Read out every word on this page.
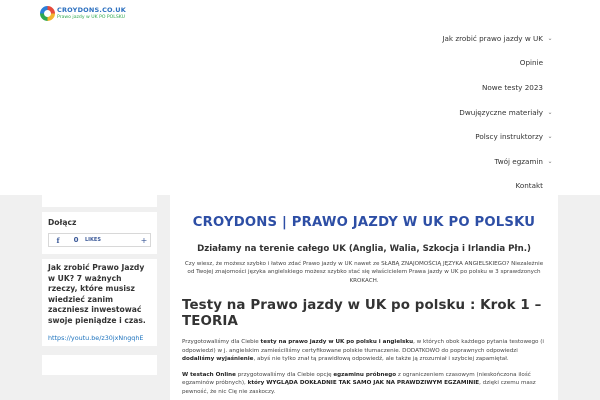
CROYDONS.CO.UK
Prawo jazdy w UK PO POLSKU
Jak zrobić prawo jazdy w UK ⌄
Opinie
Nowe testy 2023
Dwujęzyczne materiały ⌄
Polscy instruktorzy ⌄
Twój egzamin ⌄
Kontakt
Dołącz
f	0	LIKES	+
Jak zrobić Prawo Jazdy w UK? 7 ważnych rzeczy, które musisz wiedzieć zanim zaczniesz inwestować swoje pieniądze i czas.
https://youtu.be/z30jxNngqhE
CROYDONS | PRAWO JAZDY W UK PO POLSKU
Działamy na terenie całego UK (Anglia, Walia, Szkocja i Irlandia Płn.)
Czy wiesz, że możesz szybko i łatwo zdać Prawo jazdy w UK nawet ze SŁABĄ ZNAJOMOŚCIĄ JĘZYKA ANGIELSKIEGO? Niezależnie od Twojej znajomości języka angielskiego możesz szybko stać się właścicielem Prawa jazdy w UK po polsku w 3 sprawdzonych KROKACH.
Testy na Prawo jazdy w UK po polsku : Krok 1 – TEORIA
Przygotowaliśmy dla Ciebie testy na prawo jazdy w UK po polsku i angielsku, w których obok każdego pytania testowego (i odpowiedzi) w j. angielskim zamieściliśmy certyfikowane polskie tłumaczenie. DODATKOWO do poprawnych odpowiedzi dodaliśmy wyjaśnienie, abyś nie tylko znał tą prawidłową odpowiedź, ale także ją zrozumiał i szybciej zapamiętał.
W testach Online przygotowaliśmy dla Ciebie opcję egzaminu próbnego z ograniczeniem czasowym (nieskończona ilość egzaminów próbnych), który WYGLĄDA DOKŁADNIE TAK SAMO JAK NA PRAWDZIWYM EGZAMINIE, dzięki czemu masz pewność, że nic Cię nie zaskoczy.
